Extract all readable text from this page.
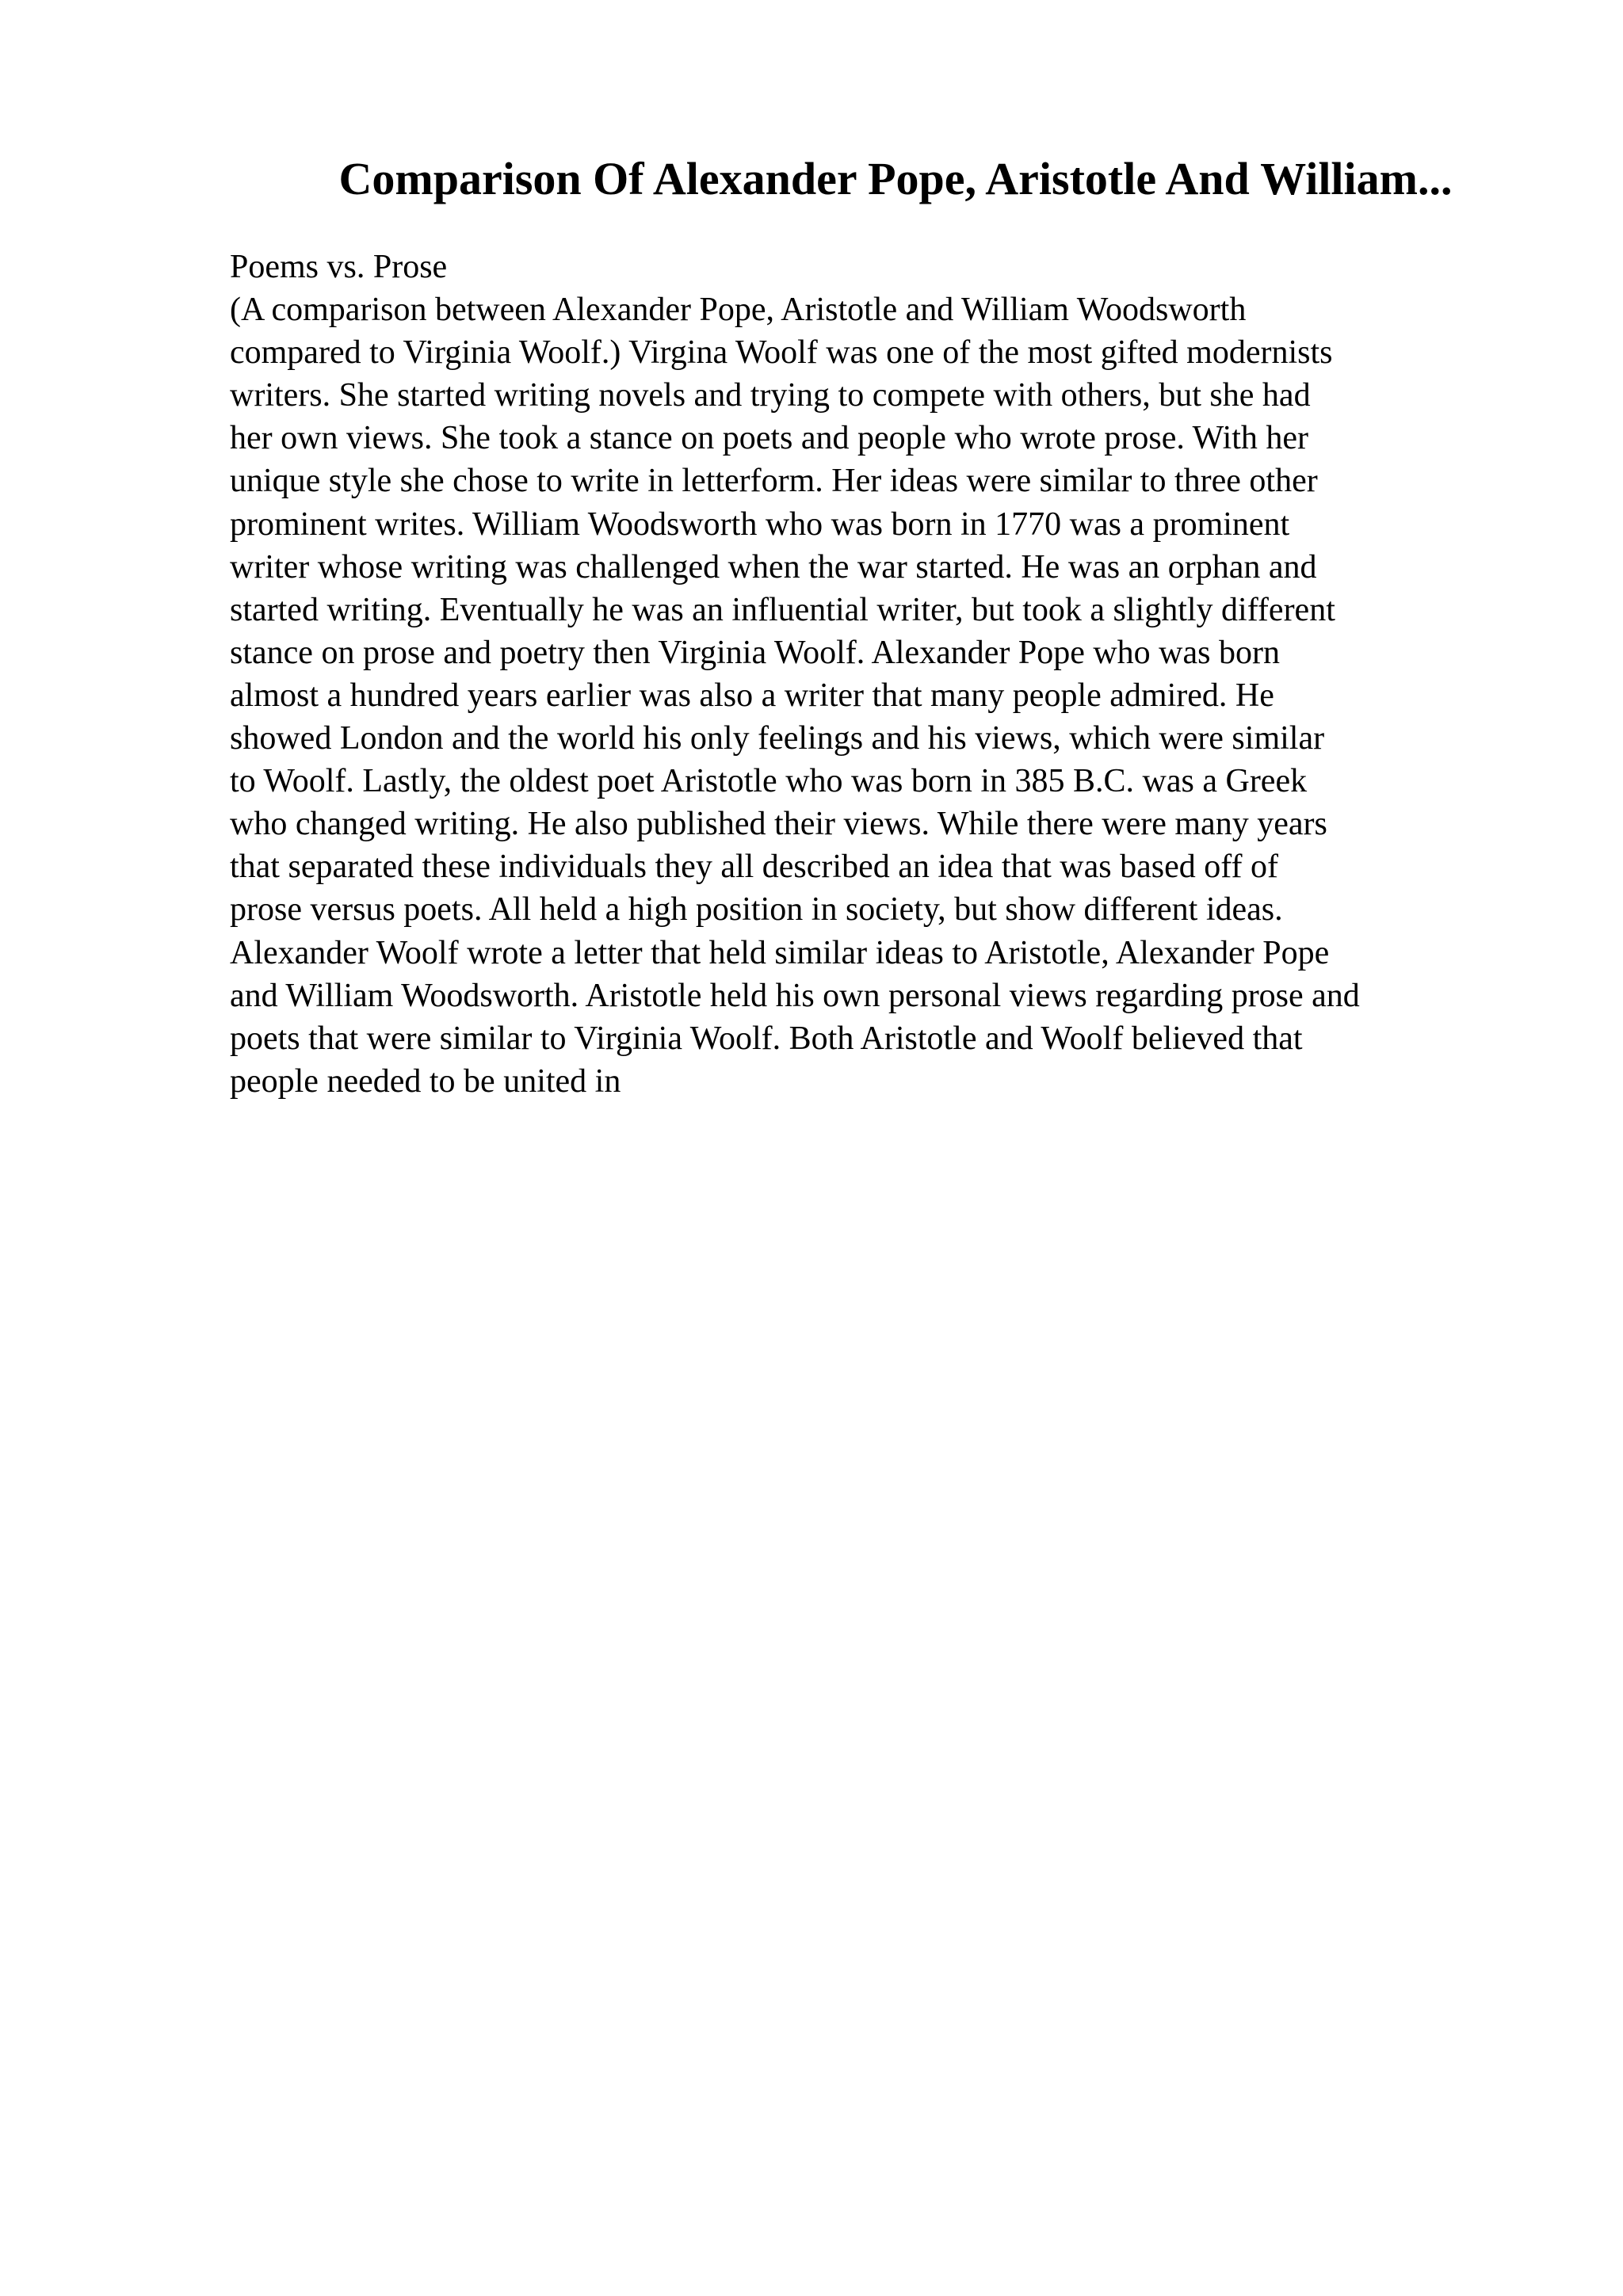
Comparison Of Alexander Pope, Aristotle And William...
Poems vs. Prose
(A comparison between Alexander Pope, Aristotle and William Woodsworth
compared to Virginia Woolf.) Virgina Woolf was one of the most gifted modernists
writers. She started writing novels and trying to compete with others, but she had
her own views. She took a stance on poets and people who wrote prose. With her
unique style she chose to write in letterform. Her ideas were similar to three other
prominent writes. William Woodsworth who was born in 1770 was a prominent
writer whose writing was challenged when the war started. He was an orphan and
started writing. Eventually he was an influential writer, but took a slightly different
stance on prose and poetry then Virginia Woolf. Alexander Pope who was born
almost a hundred years earlier was also a writer that many people admired. He
showed London and the world his only feelings and his views, which were similar
to Woolf. Lastly, the oldest poet Aristotle who was born in 385 B.C. was a Greek
who changed writing. He also published their views. While there were many years
that separated these individuals they all described an idea that was based off of
prose versus poets. All held a high position in society, but show different ideas.
Alexander Woolf wrote a letter that held similar ideas to Aristotle, Alexander Pope
and William Woodsworth. Aristotle held his own personal views regarding prose and
poets that were similar to Virginia Woolf. Both Aristotle and Woolf believed that
people needed to be united in
